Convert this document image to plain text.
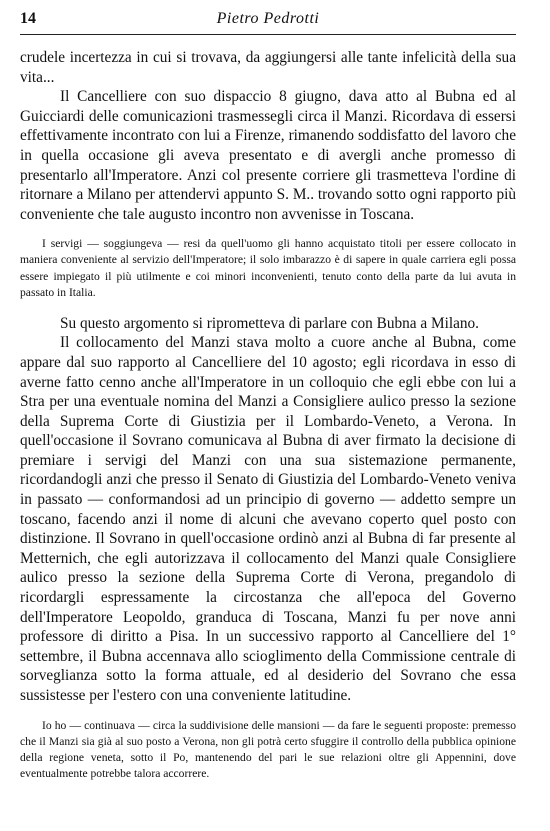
14	Pietro Pedrotti

crudele incertezza in cui si trovava, da aggiungersi alle tante infelicità della sua vita...

Il Cancelliere con suo dispaccio 8 giugno, dava atto al Bubna ed al Guicciardi delle comunicazioni trasmessegli circa il Manzi. Ricordava di essersi effettivamente incontrato con lui a Firenze, rimanendo soddisfatto del lavoro che in quella occasione gli aveva presentato e di avergli anche promesso di presentarlo all'Imperatore. Anzi col presente corriere gli trasmetteva l'ordine di ritornare a Milano per attendervi appunto S. M.. trovando sotto ogni rapporto più conveniente che tale augusto incontro non avvenisse in Toscana.

I servigi — soggiungeva — resi da quell'uomo gli hanno acquistato titoli per essere collocato in maniera conveniente al servizio dell'Imperatore; il solo imbarazzo è di sapere in quale carriera egli possa essere impiegato il più utilmente e coi minori inconvenienti, tenuto conto della parte da lui avuta in passato in Italia.

Su questo argomento si riprometteva di parlare con Bubna a Milano.

Il collocamento del Manzi stava molto a cuore anche al Bubna, come appare dal suo rapporto al Cancelliere del 10 agosto; egli ricordava in esso di averne fatto cenno anche all'Imperatore in un colloquio che egli ebbe con lui a Stra per una eventuale nomina del Manzi a Consigliere aulico presso la sezione della Suprema Corte di Giustizia per il Lombardo-Veneto, a Verona. In quell'occasione il Sovrano comunicava al Bubna di aver firmato la decisione di premiare i servigi del Manzi con una sua sistemazione permanente, ricordandogli anzi che presso il Senato di Giustizia del Lombardo-Veneto veniva in passato — conformandosi ad un principio di governo — addetto sempre un toscano, facendo anzi il nome di alcuni che avevano coperto quel posto con distinzione. Il Sovrano in quell'occasione ordinò anzi al Bubna di far presente al Metternich, che egli autorizzava il collocamento del Manzi quale Consigliere aulico presso la sezione della Suprema Corte di Verona, pregandolo di ricordargli espressamente la circostanza che all'epoca del Governo dell'Imperatore Leopoldo, granduca di Toscana, Manzi fu per nove anni professore di diritto a Pisa. In un successivo rapporto al Cancelliere del 1° settembre, il Bubna accennava allo scioglimento della Commissione centrale di sorveglianza sotto la forma attuale, ed al desiderio del Sovrano che essa sussistesse per l'estero con una conveniente latitudine.

Io ho — continuava — circa la suddivisione delle mansioni — da fare le seguenti proposte: premesso che il Manzi sia già al suo posto a Verona, non gli potrà certo sfuggire il controllo della pubblica opinione della regione veneta, sotto il Po, mantenendo del pari le sue relazioni oltre gli Appennini, dove eventualmente potrebbe talora accorrere.
